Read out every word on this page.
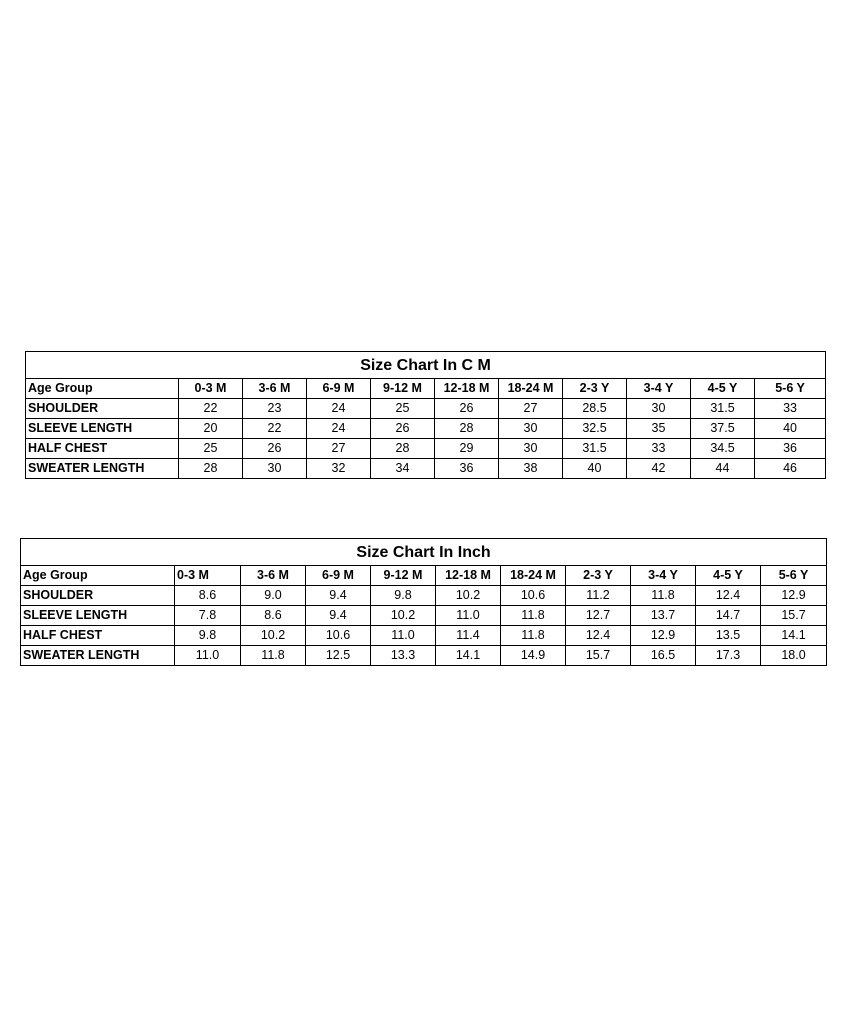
Size Chart In C M										
Age Group	0-3 M	3-6 M	6-9 M	9-12 M	12-18 M	18-24 M	2-3 Y	3-4 Y	4-5 Y	5-6 Y
SHOULDER	22	23	24	25	26	27	28.5	30	31.5	33
SLEEVE LENGTH	20	22	24	26	28	30	32.5	35	37.5	40
HALF CHEST	25	26	27	28	29	30	31.5	33	34.5	36
SWEATER LENGTH	28	30	32	34	36	38	40	42	44	46
Size Chart In Inch										
Age Group	0-3 M	3-6 M	6-9 M	9-12 M	12-18 M	18-24 M	2-3 Y	3-4 Y	4-5 Y	5-6 Y
SHOULDER	8.6	9.0	9.4	9.8	10.2	10.6	11.2	11.8	12.4	12.9
SLEEVE LENGTH	7.8	8.6	9.4	10.2	11.0	11.8	12.7	13.7	14.7	15.7
HALF CHEST	9.8	10.2	10.6	11.0	11.4	11.8	12.4	12.9	13.5	14.1
SWEATER LENGTH	11.0	11.8	12.5	13.3	14.1	14.9	15.7	16.5	17.3	18.0
